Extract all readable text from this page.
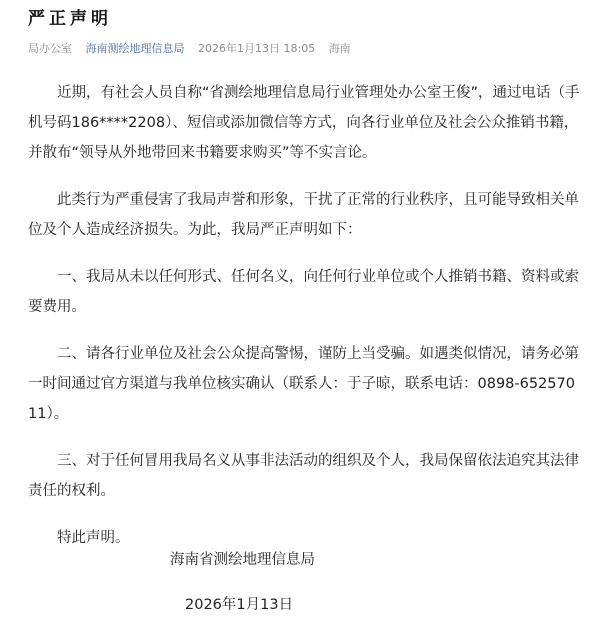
严正声明
局办公室 海南测绘地理信息局 2026年1月13日 18:05 海南

近期，有社会人员自称“省测绘地理信息局行业管理处办公室王俊”，通过电话（手机号码186****2208）、短信或添加微信等方式，向各行业单位及社会公众推销书籍，并散布“领导从外地带回来书籍要求购买”等不实言论。

此类行为严重侵害了我局声誉和形象，干扰了正常的行业秩序，且可能导致相关单位及个人造成经济损失。为此，我局严正声明如下：

一、我局从未以任何形式、任何名义，向任何行业单位或个人推销书籍、资料或索要费用。

二、请各行业单位及社会公众提高警惕，谨防上当受骗。如遇类似情况，请务必第一时间通过官方渠道与我单位核实确认（联系人：于子晾，联系电话：0898-65257011）。

三、对于任何冒用我局名义从事非法活动的组织及个人，我局保留依法追究其法律责任的权利。

特此声明。

海南省测绘地理信息局
2026年1月13日
